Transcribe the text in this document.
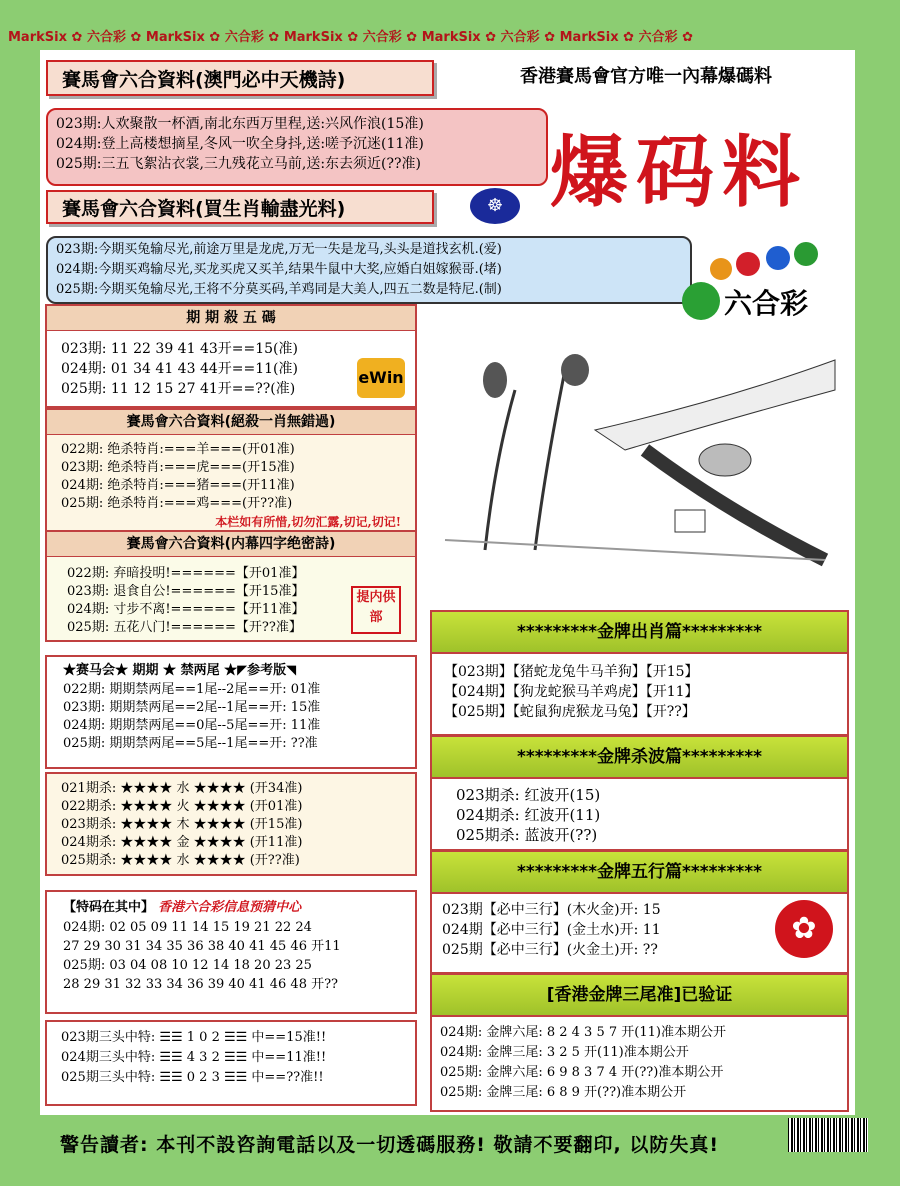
MarkSix ✿ 六合彩 ✿ MarkSix ✿ 六合彩 ✿ MarkSix ✿ 六合彩 ✿ MarkSix ✿ 六合彩 ✿ MarkSix ✿ 六合彩 ✿
賽馬會六合資料(澳門必中天機詩)	香港賽馬會官方唯一內幕爆碼料
023期:人欢聚散一杯酒,南北东西万里程,送:兴风作浪(15准)
024期:登上高楼想摘星,冬风一吹全身抖,送:嗟予沉迷(11准)
025期:三五飞絮沾衣裳,三九残花立马前,送:东去须近(??准)	爆码料
賽馬會六合資料(買生肖輸盡光料)	☸
023期:今期买兔输尽光,前途万里是龙虎,万无一失是龙马,头头是道找玄机.(爱)
024期:今期买鸡输尽光,买龙买虎又买羊,结果牛鼠中大奖,应婚白姐嫁猴哥.(堵)
025期:今期买兔输尽光,王将不分莫买码,羊鸡同是大美人,四五二数是特尼.(制)	六合彩
期 期 殺 五 碼
023期: 11 22 39 41 43开==15(准)
024期: 01 34 41 43 44开==11(准)
025期: 11 12 15 27 41开==??(准)
eWin
賽馬會六合資料(絕殺一肖無錯過)
022期: 绝杀特肖:===羊===(开01准)
023期: 绝杀特肖:===虎===(开15准)
024期: 绝杀特肖:===猪===(开11准)
025期: 绝杀特肖:===鸡===(开??准)
本栏如有所惜,切勿汇露,切记,切记!
賽馬會六合資料(内幕四字绝密詩)
022期: 弃暗投明!======【开01准】
023期: 退食自公!======【开15准】
024期: 寸步不离!======【开11准】
025期: 五花八门!======【开??准】
提内供部
★赛马会★ 期期 ★ 禁两尾 ★◤参考版◥
022期: 期期禁两尾==1尾--2尾==开: 01准
023期: 期期禁两尾==2尾--1尾==开: 15准
024期: 期期禁两尾==0尾--5尾==开: 11准
025期: 期期禁两尾==5尾--1尾==开: ??准
021期杀: ★★★★ 水 ★★★★ (开34准)
022期杀: ★★★★ 火 ★★★★ (开01准)
023期杀: ★★★★ 木 ★★★★ (开15准)
024期杀: ★★★★ 金 ★★★★ (开11准)
025期杀: ★★★★ 水 ★★★★ (开??准)
【特码在其中】 香港六合彩信息预猜中心
024期: 02 05 09 11 14 15 19 21 22 24
27 29 30 31 34 35 36 38 40 41 45 46 开11
025期: 03 04 08 10 12 14 18 20 23 25
28 29 31 32 33 34 36 39 40 41 46 48 开??
023期三头中特: ☰☰ 1 0 2 ☰☰ 中==15准!!
024期三头中特: ☰☰ 4 3 2 ☰☰ 中==11准!!
025期三头中特: ☰☰ 0 2 3 ☰☰ 中==??准!!
*********金牌出肖篇*********
【023期】【猪蛇龙兔牛马羊狗】【开15】
【024期】【狗龙蛇猴马羊鸡虎】【开11】
【025期】【蛇鼠狗虎猴龙马兔】【开??】
*********金牌杀波篇*********
023期杀: 红波开(15)
024期杀: 红波开(11)
025期杀: 蓝波开(??)
*********金牌五行篇*********
023期【必中三行】(木火金)开: 15
024期【必中三行】(金土水)开: 11
025期【必中三行】(火金土)开: ??
✿
[香港金牌三尾准]已验证
024期: 金牌六尾: 8 2 4 3 5 7 开(11)准本期公开
024期: 金牌三尾: 3 2 5 开(11)准本期公开
025期: 金牌六尾: 6 9 8 3 7 4 开(??)准本期公开
025期: 金牌三尾: 6 8 9 开(??)准本期公开
警告讀者: 本刊不設咨詢電話以及一切透碼服務! 敬請不要翻印, 以防失真!
